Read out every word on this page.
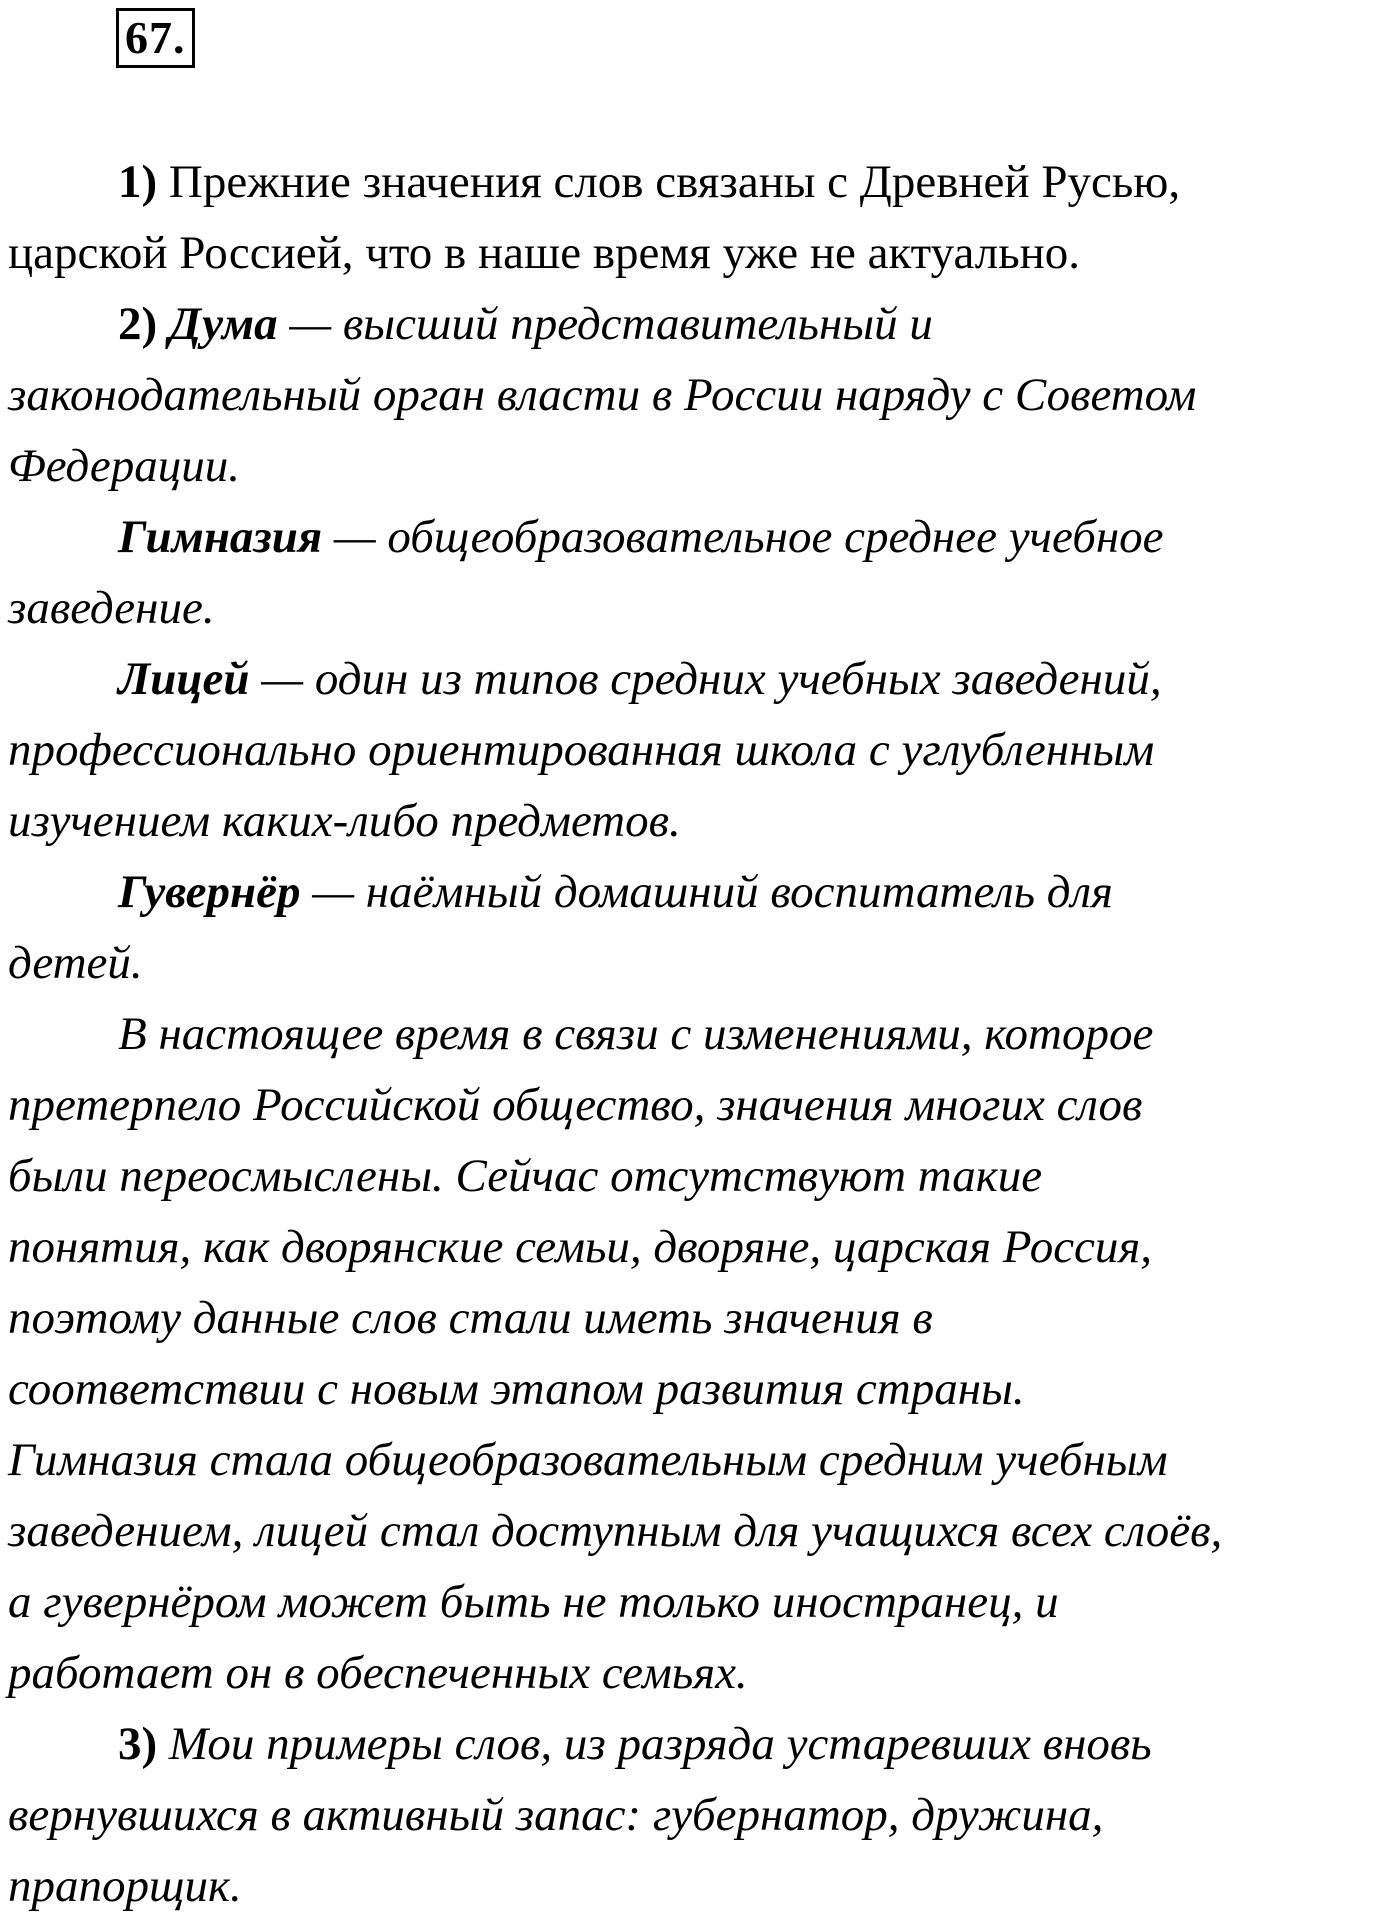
67.
1) Прежние значения слов связаны с Древней Русью,
царской Россией, что в наше время уже не актуально.
2) Дума — высший представительный и
законодательный орган власти в России наряду с Советом
Федерации.
Гимназия — общеобразовательное среднее учебное
заведение.
Лицей — один из типов средних учебных заведений,
профессионально ориентированная школа с углубленным
изучением каких-либо предметов.
Гувернёр — наёмный домашний воспитатель для
детей.
В настоящее время в связи с изменениями, которое
претерпело Российской общество, значения многих слов
были переосмыслены. Сейчас отсутствуют такие
понятия, как дворянские семьи, дворяне, царская Россия,
поэтому данные слов стали иметь значения в
соответствии с новым этапом развития страны.
Гимназия стала общеобразовательным средним учебным
заведением, лицей стал доступным для учащихся всех слоёв,
а гувернёром может быть не только иностранец, и
работает он в обеспеченных семьях.
3) Мои примеры слов, из разряда устаревших вновь
вернувшихся в активный запас: губернатор, дружина,
прапорщик.
